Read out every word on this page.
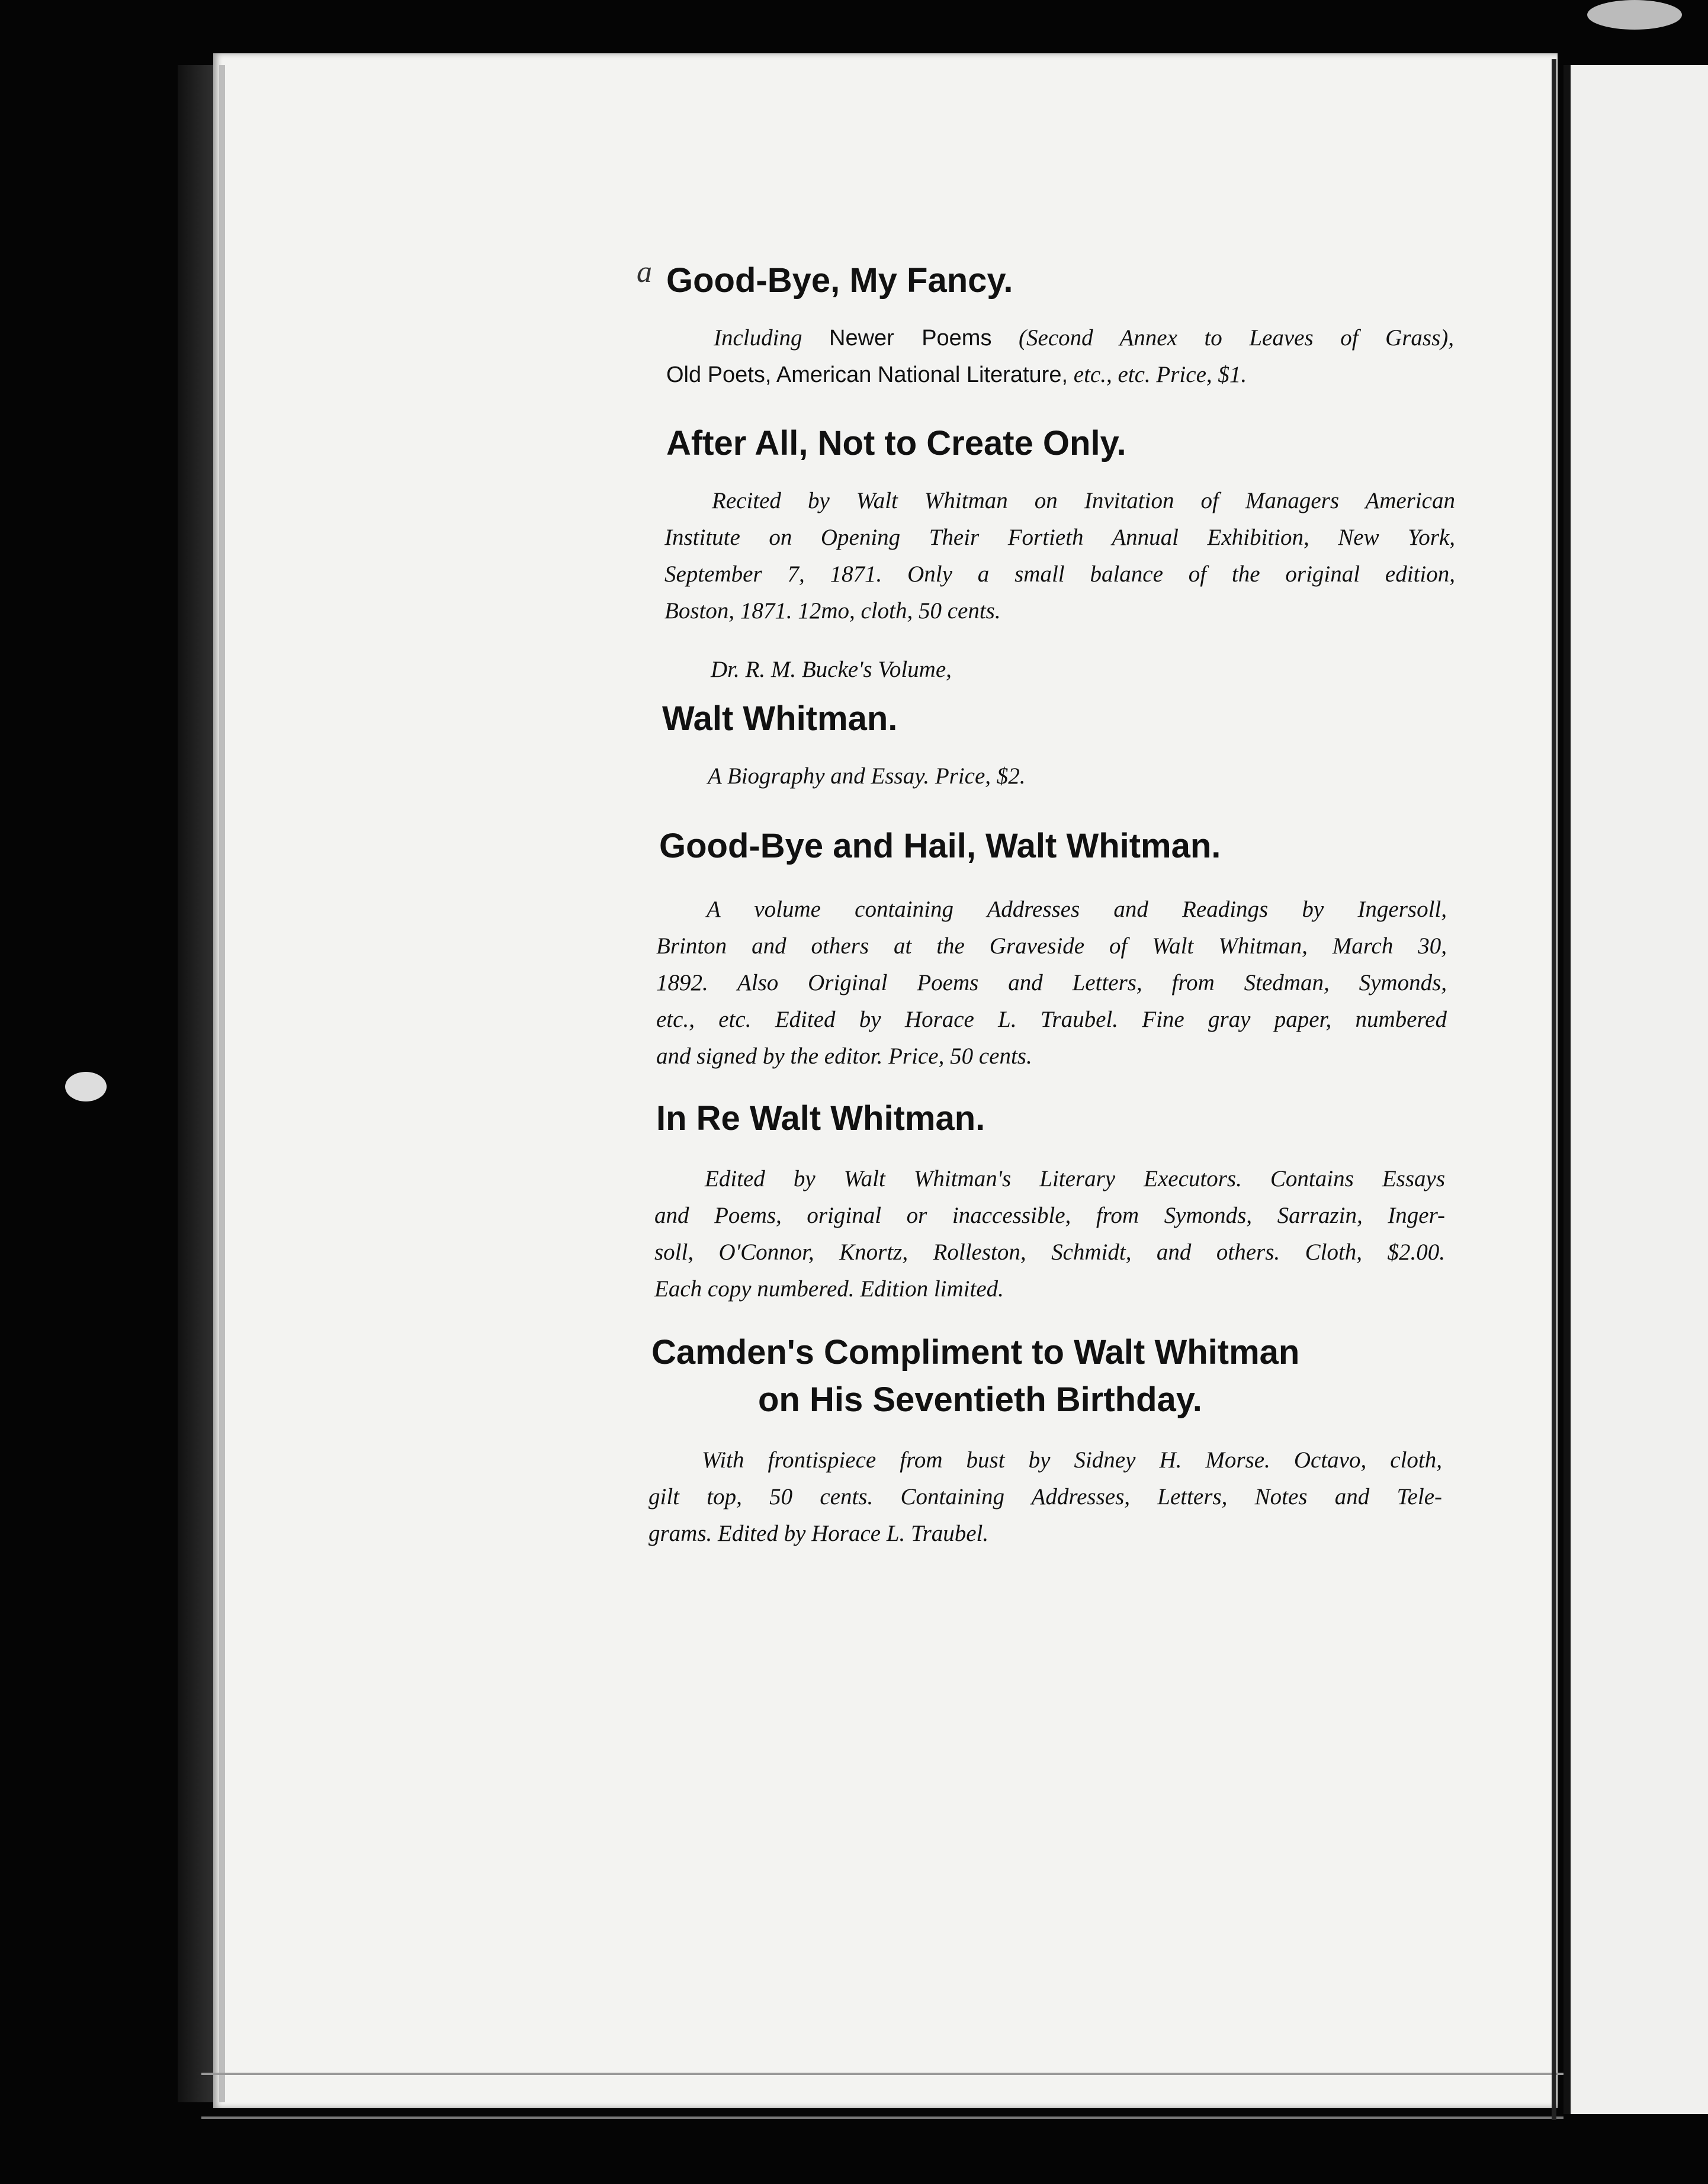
a Good-Bye, My Fancy.
Including Newer Poems (Second Annex to Leaves of Grass),
Old Poets, American National Literature, etc., etc. Price, $1.
After All, Not to Create Only.
Recited by Walt Whitman on Invitation of Managers American
Institute on Opening Their Fortieth Annual Exhibition, New York,
September 7, 1871. Only a small balance of the original edition,
Boston, 1871. 12mo, cloth, 50 cents.
Dr. R. M. Bucke's Volume,
Walt Whitman.
A Biography and Essay. Price, $2.
Good-Bye and Hail, Walt Whitman.
A volume containing Addresses and Readings by Ingersoll,
Brinton and others at the Graveside of Walt Whitman, March 30,
1892. Also Original Poems and Letters, from Stedman, Symonds,
etc., etc. Edited by Horace L. Traubel. Fine gray paper, numbered
and signed by the editor. Price, 50 cents.
In Re Walt Whitman.
Edited by Walt Whitman's Literary Executors. Contains Essays
and Poems, original or inaccessible, from Symonds, Sarrazin, Inger-
soll, O'Connor, Knortz, Rolleston, Schmidt, and others. Cloth, $2.00.
Each copy numbered. Edition limited.
Camden's Compliment to Walt Whitman
on His Seventieth Birthday.
With frontispiece from bust by Sidney H. Morse. Octavo, cloth,
gilt top, 50 cents. Containing Addresses, Letters, Notes and Tele-
grams. Edited by Horace L. Traubel.
